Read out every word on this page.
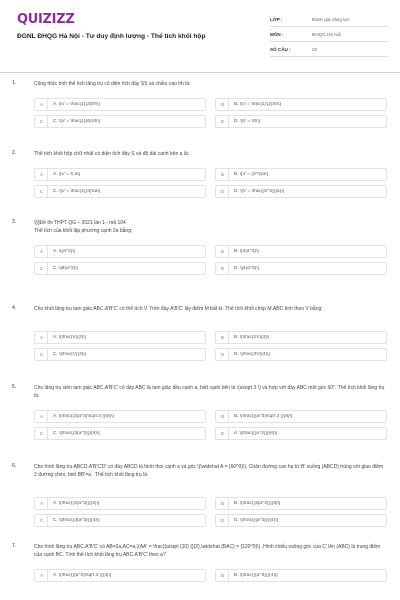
QUIZIZZ
ĐGNL ĐHQG Hà Nội - Tư duy định lượng - Thể tích khối hộp
LỚP :	Đánh giá năng lực
MÔN :	ĐHQG Hà Nội
SỐ CÂU :	32
1.	Công thức tính thể tích lăng trụ có diện tích đáy SS và chiều cao hh là:
A	A. \[V = \frac{1}{3}Sh\]	B	B. \[V = \frac{1}{2}Sh\]
C	C. \[V = \frac{1}{6}Sh\]	D	D. \[V = Sh\]
2.	Thể tích khối hộp chữ nhật có diện tích đáy S và độ dài cạnh bên a là:
A	A. \[V = S.a\]	B	B. \[V = {S^2}a\]
C	C. \[V = \frac{1}{3}Sa\]	D	D. \[V = \frac{{S^2}}{a}\]
3.	\[\]Đề thi THPT QG – 2021 lần 1– mã 104
Thể tích của khối lập phương cạnh 2a bằng:
A	A. \[{a^3}\]	B	B. \[2{a^3}\]
C	C. \[8{a^3}\]	D	D. \[4{a^3}\]
4.	Cho khối lăng trụ tam giác ABC.A'B'C' có thể tích V. Trên đáy A'B'C' lấy điểm M bất kì. Thể tích khối chóp M.ABC tính theo V bằng:
A	A. \[\frac{V}{2}\]	B	B. \[\frac{2V}{3}\]
C	C. \[\frac{V}{3}\]	D	D. \[\frac{3V}{4}\]
5.	Cho lăng trụ xiên tam giác ABC.A'B'C' có đáy ABC là tam giác đều cạnh a, biết cạnh bên là \(a\sqrt 3 \) và hợp với đáy ABC một góc 60°. Thể tích khối lăng trụ là:
A	A. \[\frac{{3{a^3}\sqrt 3 }}{8}\]	B	B. \[\frac{{{a^3}\sqrt 3 }}{8}\]
C	C. \[\frac{{3{a^3}}}{8}\]	D	d. \[\frac{{{a^3}}}{8}\]
6.	Cho hình lăng trụ ABCD.A'B'C'D' có đáy ABCD là hình thoi cạnh a và góc \(\widehat A = {60^0}\). Chân đường cao hạ từ B' xuống (ABCD) trùng với giao điểm 2 đường chéo, biết BB'=a . Thể tích khối lăng trụ là:
A	A. \[\frac{{3{a^3}}}{2}\]	B	B. \[\frac{{3{a^3}}}{8}\]
C	C. \[\frac{{3{a^3}}}{4}\]	D	D. \[\frac{{{a^3}}}{4}\]
7.	Cho hình lăng trụ ABC.A'B'C' có AB=2a,AC=a,\(AA' = \frac{{a\sqrt {10} }}{2},\widehat {BAC} = {120^0}\). Hình chiếu vuông góc của C' lên (ABC) là trung điểm của cạnh BC. Tính thể tích khối lăng trụ ABC.A'B'C' theo a?
A	A. \[\frac{{{a^3}\sqrt 3 }}{4}\]	B	B. \[\frac{{{a^3}}}{4}\]
